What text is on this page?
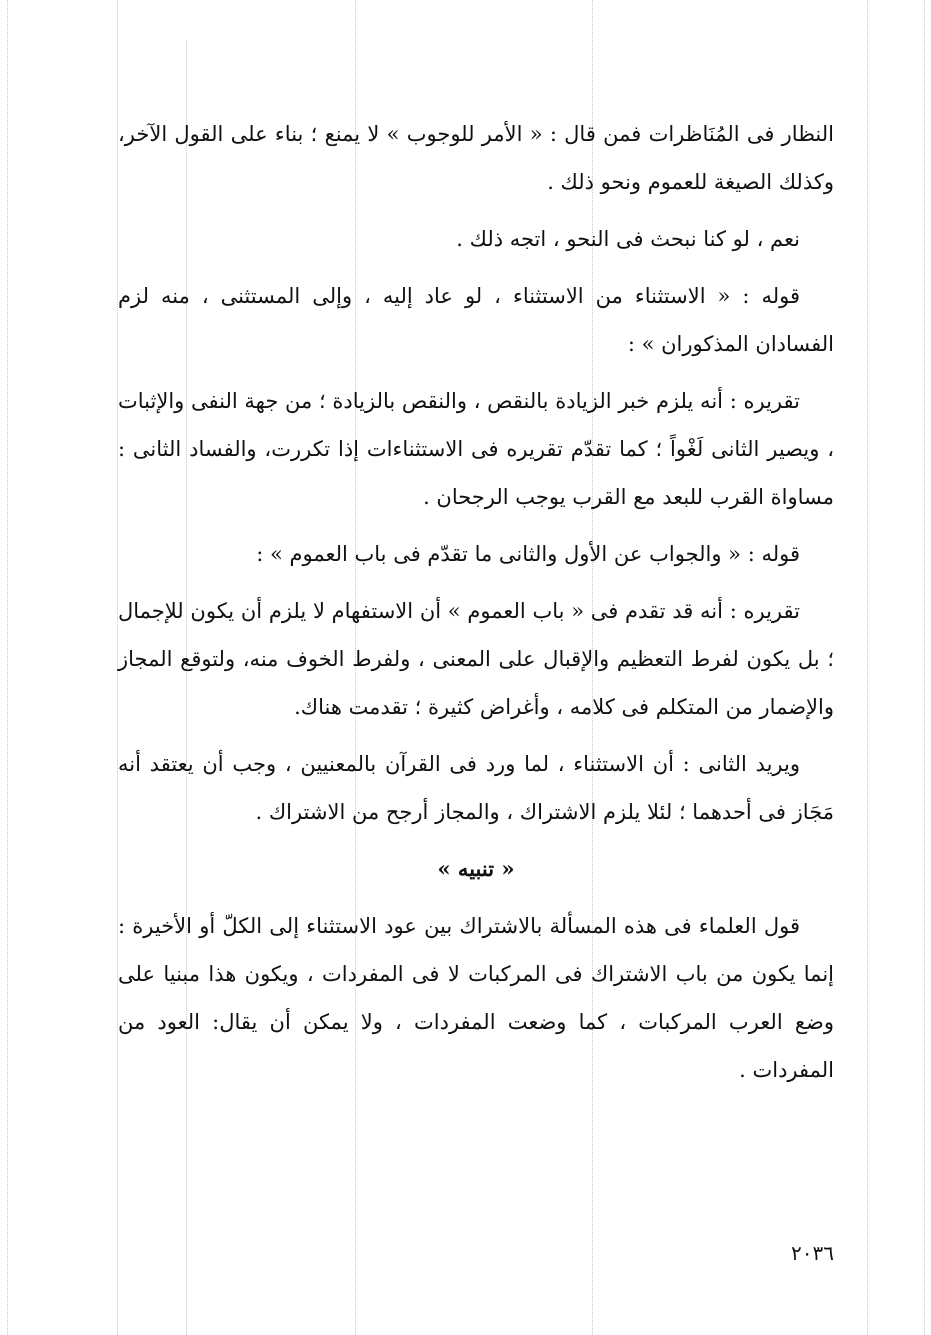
النظار فى المُنَاظرات فمن قال : « الأمر للوجوب » لا يمنع ؛ بناء على القول الآخر، وكذلك الصيغة للعموم ونحو ذلك .

نعم ، لو كنا نبحث فى النحو ، اتجه ذلك .

قوله : « الاستثناء من الاستثناء ، لو عاد إليه ، وإلى المستثنى ، منه لزم الفسادان المذكوران » :

تقريره : أنه يلزم خبر الزيادة بالنقص ، والنقص بالزيادة ؛ من جهة النفى والإثبات ، ويصير الثانى لَغْواً ؛ كما تقدّم تقريره فى الاستثناءات إذا تكررت، والفساد الثانى : مساواة القرب للبعد مع القرب يوجب الرجحان .

قوله : « والجواب عن الأول والثانى ما تقدّم فى باب العموم » :

تقريره : أنه قد تقدم فى « باب العموم » أن الاستفهام لا يلزم أن يكون للإجمال ؛ بل يكون لفرط التعظيم والإقبال على المعنى ، ولفرط الخوف منه، ولتوقع المجاز والإضمار من المتكلم فى كلامه ، وأغراض كثيرة ؛ تقدمت هناك.

ويريد الثانى : أن الاستثناء ، لما ورد فى القرآن بالمعنيين ، وجب أن يعتقد أنه مَجَاز فى أحدهما ؛ لئلا يلزم الاشتراك ، والمجاز أرجح من الاشتراك .

« تنبيه »

قول العلماء فى هذه المسألة بالاشتراك بين عود الاستثناء إلى الكلّ أو الأخيرة : إنما يكون من باب الاشتراك فى المركبات لا فى المفردات ، ويكون هذا مبنيا على وضع العرب المركبات ، كما وضعت المفردات ، ولا يمكن أن يقال: العود من المفردات .

٢٠٣٦
